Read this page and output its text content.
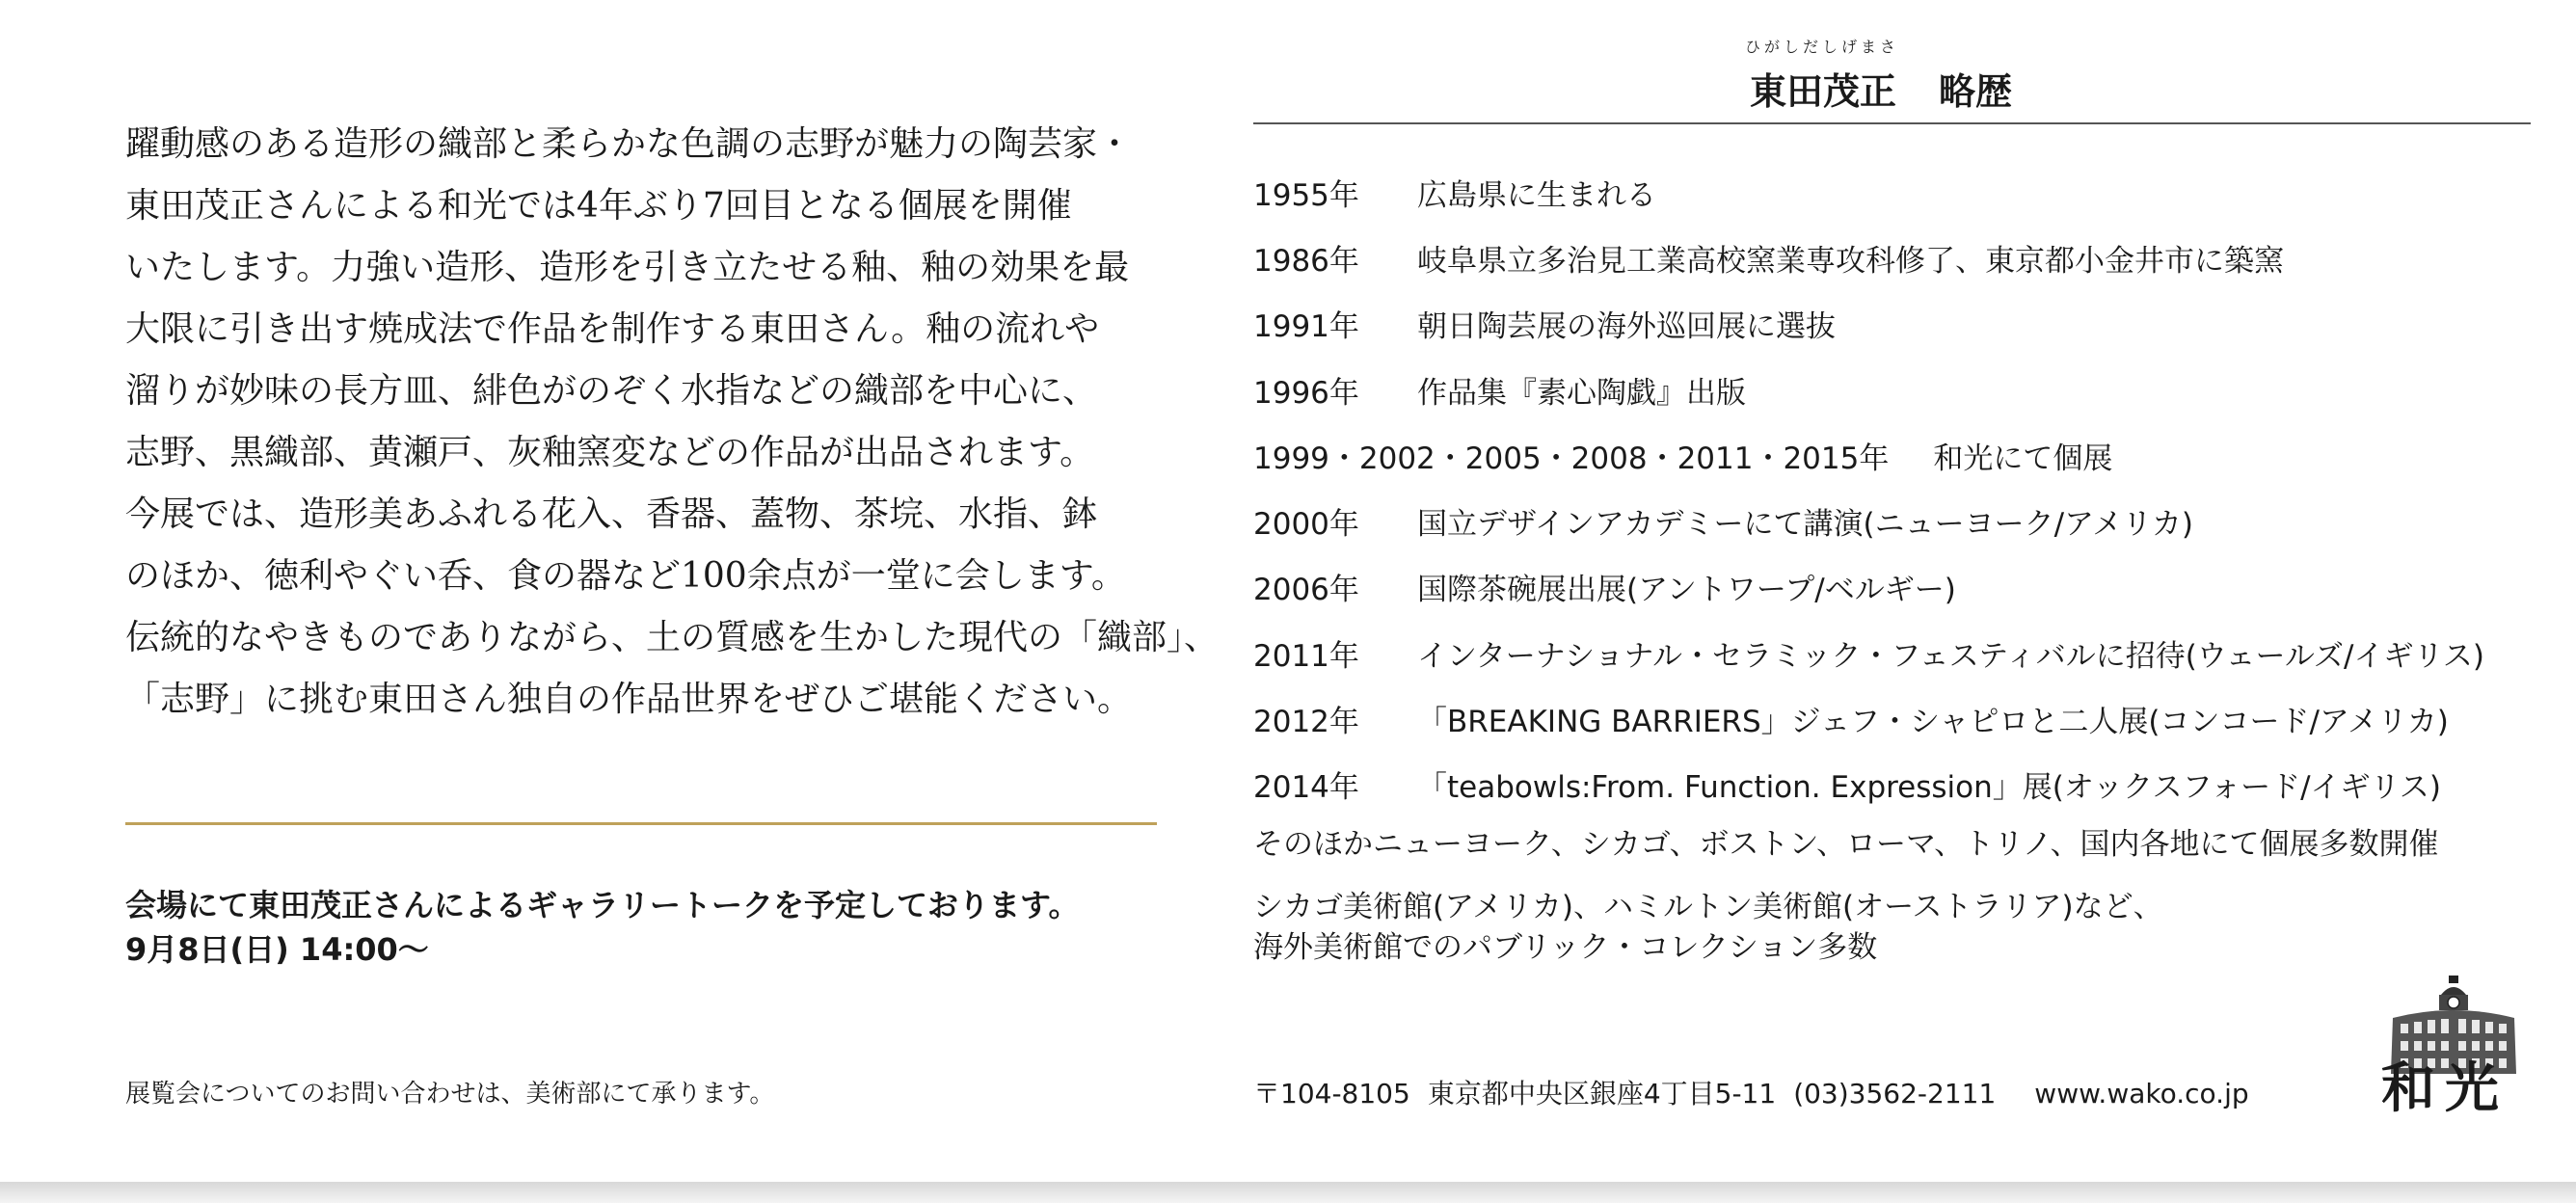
躍動感のある造形の織部と柔らかな色調の志野が魅力の陶芸家・
東田茂正さんによる和光では4年ぶり7回目となる個展を開催
いたします。力強い造形、造形を引き立たせる釉、釉の効果を最
大限に引き出す焼成法で作品を制作する東田さん。釉の流れや
溜りが妙味の長方皿、緋色がのぞく水指などの織部を中心に、
志野、黒織部、黄瀬戸、灰釉窯変などの作品が出品されます。
今展では、造形美あふれる花入、香器、蓋物、茶垸、水指、鉢
のほか、徳利やぐい呑、食の器など100余点が一堂に会します。
伝統的なやきものでありながら、土の質感を生かした現代の「織部」、
「志野」に挑む東田さん独自の作品世界をぜひご堪能ください。

会場にて東田茂正さんによるギャラリートークを予定しております。
9月8日(日) 14:00〜
展覧会についてのお問い合わせは、美術部にて承ります。
ひがしだしげまさ
東田茂正 略歴
1955年	広島県に生まれる
1986年	岐阜県立多治見工業高校窯業専攻科修了、東京都小金井市に築窯
1991年	朝日陶芸展の海外巡回展に選抜
1996年	作品集『素心陶戯』出版
1999・2002・2005・2008・2011・2015年 和光にて個展
2000年	国立デザインアカデミーにて講演(ニューヨーク/アメリカ)
2006年	国際茶碗展出展(アントワープ/ベルギー)
2011年	インターナショナル・セラミック・フェスティバルに招待(ウェールズ/イギリス)
2012年	「BREAKING BARRIERS」ジェフ・シャピロと二人展(コンコード/アメリカ)
2014年	「teabowls:From. Function. Expression」展(オックスフォード/イギリス)
そのほかニューヨーク、シカゴ、ボストン、ローマ、トリノ、国内各地にて個展多数開催
シカゴ美術館(アメリカ)、ハミルトン美術館(オーストラリア)など、
海外美術館でのパブリック・コレクション多数
〒104-8105 東京都中央区銀座4丁目5-11 (03)3562-2111 www.wako.co.jp 和光
